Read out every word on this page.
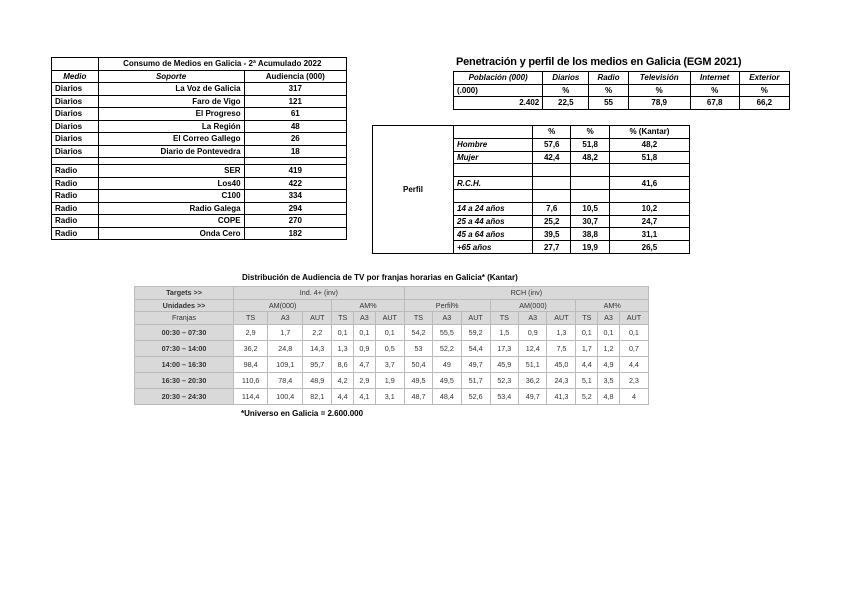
	Consumo de Medios en Galicia - 2ª Acumulado 2022	
Medio	Soporte	Audiencia (000)
Diarios	La Voz de Galicia	317
Diarios	Faro de Vigo	121
Diarios	El Progreso	61
Diarios	La Región	48
Diarios	El Correo Gallego	26
Diarios	Diario de Pontevedra	18

Radio	SER	419
Radio	Los40	422
Radio	C100	334
Radio	Radio Galega	294
Radio	COPE	270
Radio	Onda Cero	182
Penetración y perfil de los medios en Galicia (EGM 2021)
Población (000)	Diarios	Radio	Televisión	Internet	Exterior
(.000)	%	%	%	%	%
2.402	22,5	55	78,9	67,8	66,2
Perfil		%	%	% (Kantar)
	Hombre	57,6	51,8	48,2
	Mujer	42,4	48,2	51,8

	R.C.H.			41,6

	14 a 24 años	7,6	10,5	10,2
	25 a 44 años	25,2	30,7	24,7
	45 a 64 años	39,5	38,8	31,1
	+65 años	27,7	19,9	26,5
Distribución de Audiencia de TV por franjas horarias en Galicia* (Kantar)
Targets >>	Ind. 4+ (inv)						RCH (inv)								
Unidades >>	AM(000)			AM%			Perfil%			AM(000)			AM%		
Franjas	TS	A3	AUT	TS	A3	AUT	TS	A3	AUT	TS	A3	AUT	TS	A3	AUT
00:30 – 07:30	2,9	1,7	2,2	0,1	0,1	0,1	54,2	55,5	59,2	1,5	0,9	1,3	0,1	0,1	0,1
07:30 – 14:00	36,2	24,8	14,3	1,3	0,9	0,5	53	52,2	54,4	17,3	12,4	7,5	1,7	1,2	0,7
14:00 – 16:30	98,4	109,1	95,7	8,6	4,7	3,7	50,4	49	49,7	45,9	51,1	45,0	4,4	4,9	4,4
16:30 – 20:30	110,6	78,4	48,9	4,2	2,9	1,9	49,5	49,5	51,7	52,3	36,2	24,3	5,1	3,5	2,3
20:30 – 24:30	114,4	100,4	82,1	4,4	4,1	3,1	48,7	48,4	52,6	53,4	49,7	41,3	5,2	4,8	4
*Universo en Galicia = 2.600.000
